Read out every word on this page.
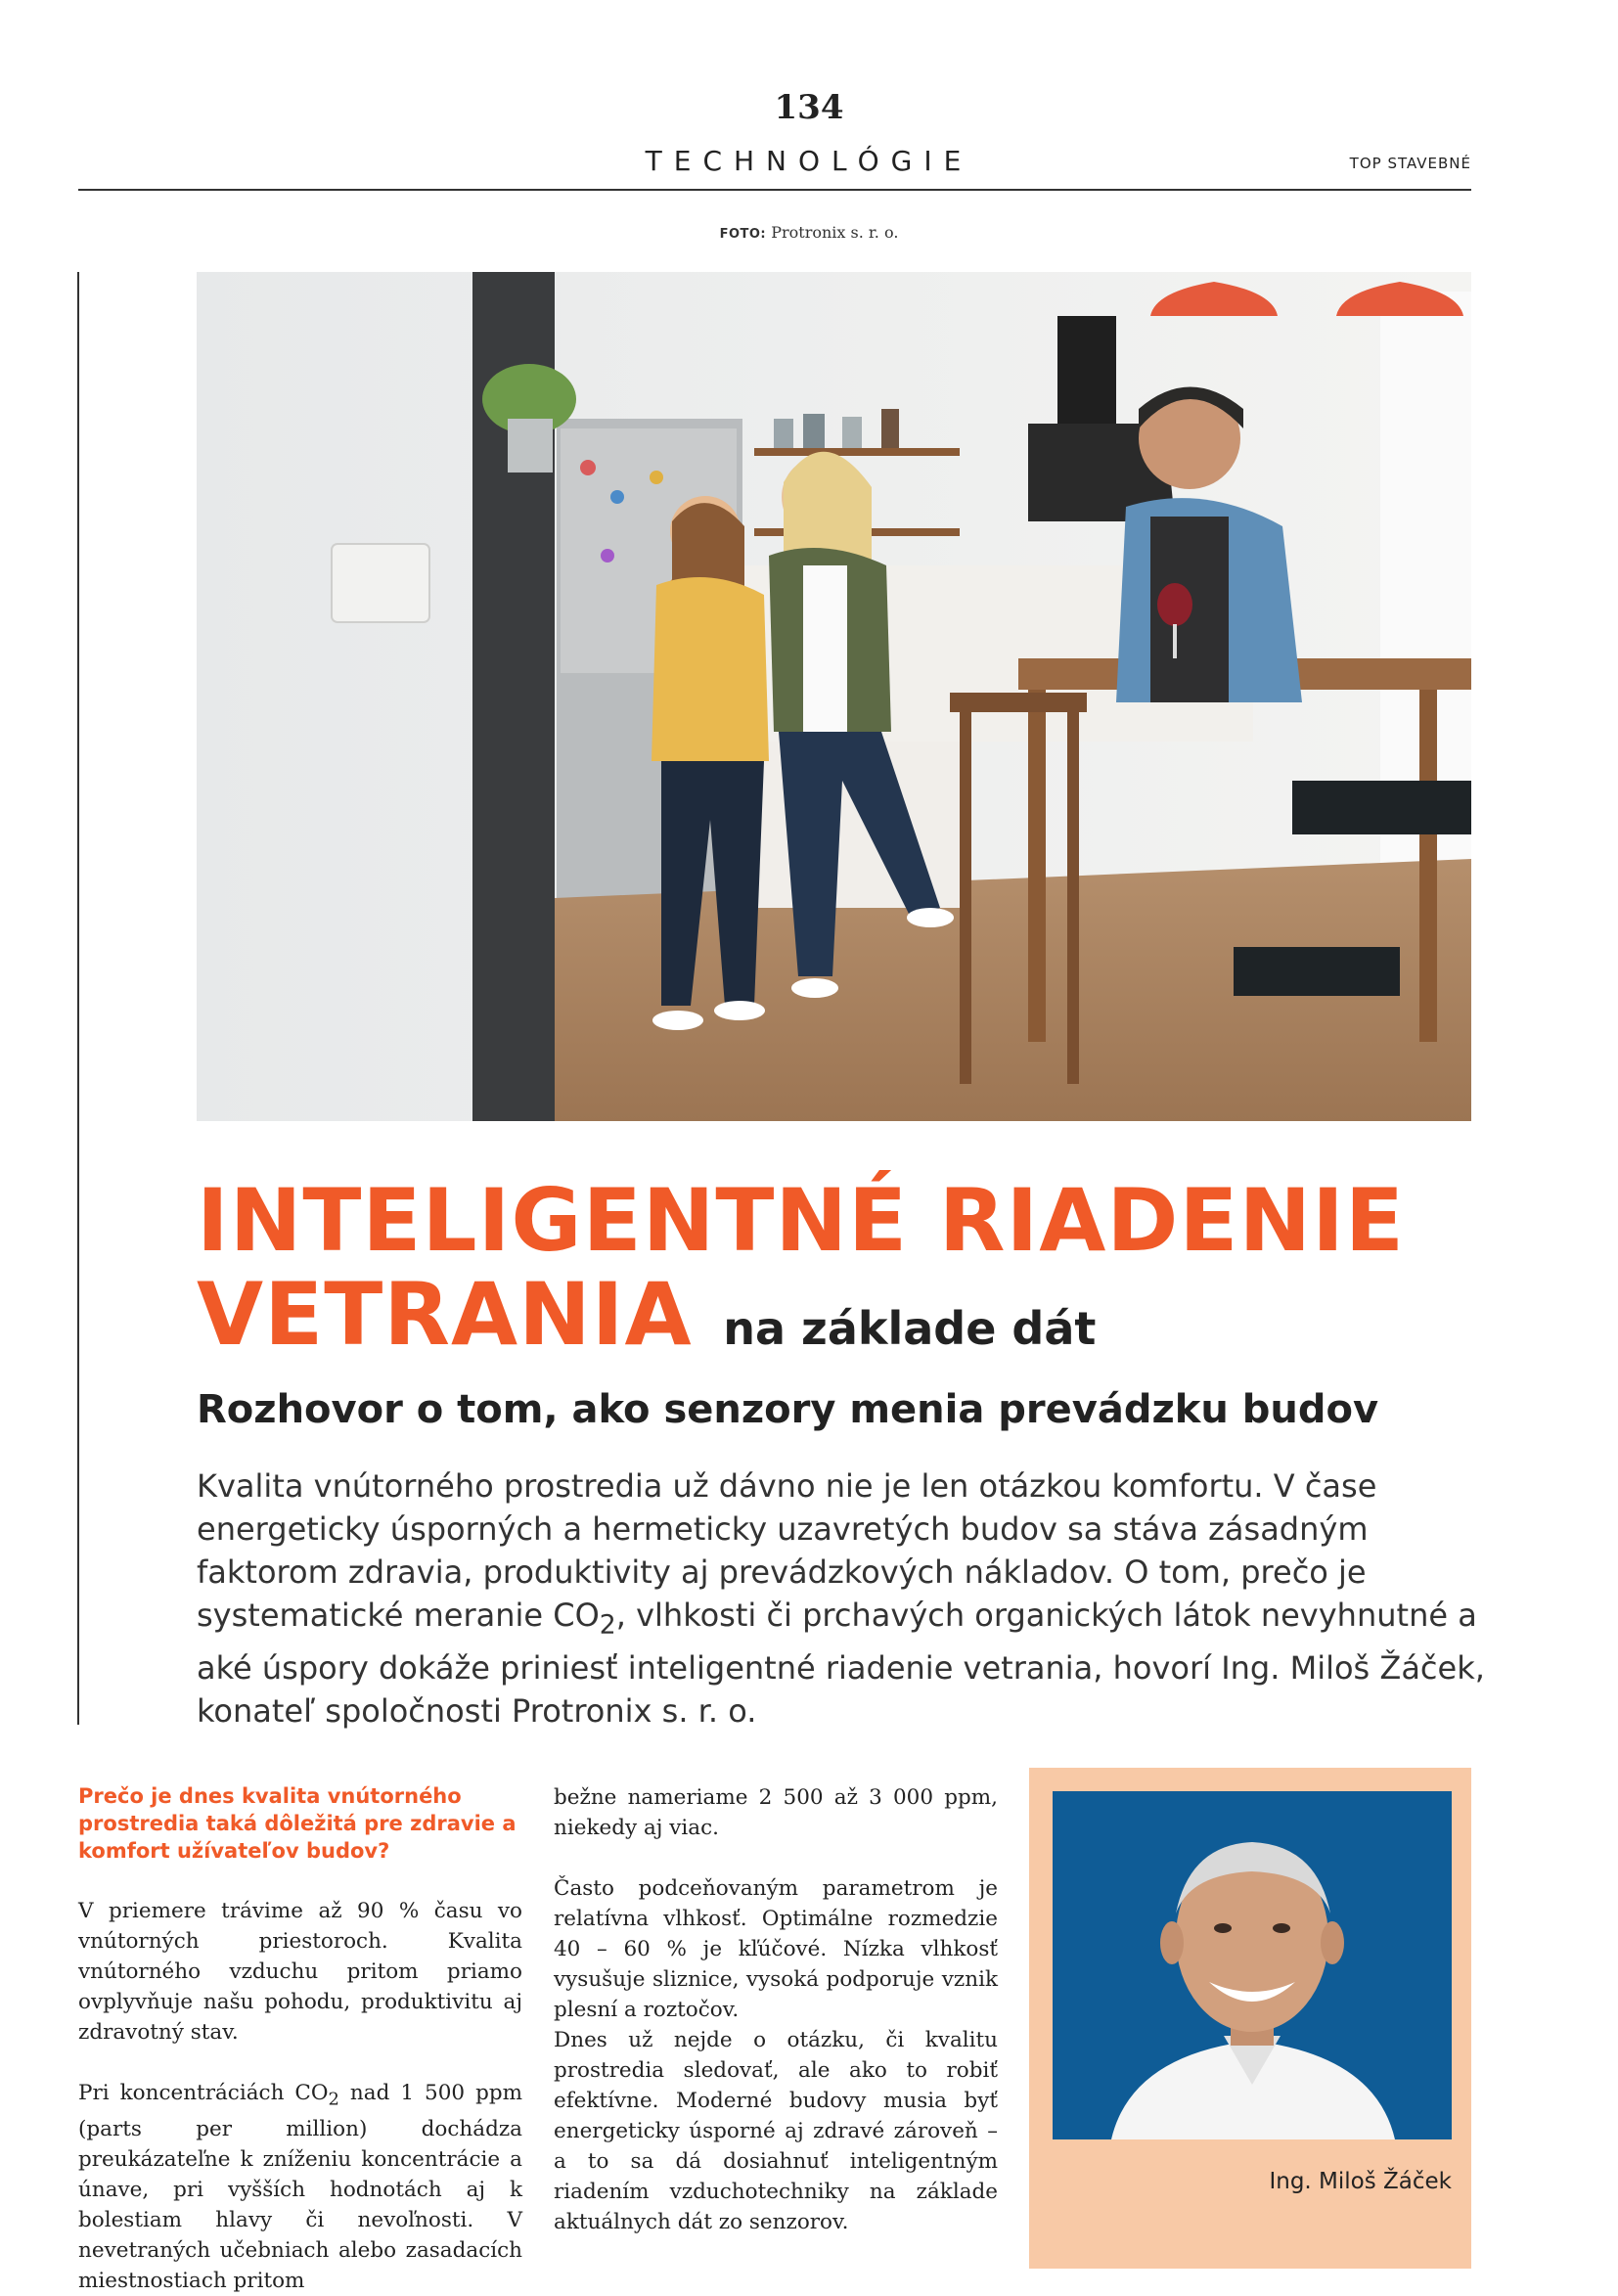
134
TECHNOLÓGIE	TOP STAVEBNÉ
FOTO: Protronix s. r. o.
INTELIGENTNÉ RIADENIE
VETRANIA na základe dát
Rozhovor o tom, ako senzory menia prevádzku budov
Kvalita vnútorného prostredia už dávno nie je len otázkou komfortu. V čase energeticky úsporných a hermeticky uzavretých budov sa stáva zásadným faktorom zdravia, produktivity aj prevádzkových nákladov. O tom, prečo je systematické meranie $CO_2$, vlhkosti či prchavých organických látok nevyhnutné a aké úspory dokáže priniesť inteligentné riadenie vetrania, hovorí Ing. Miloš Žáček, konateľ spoločnosti Protronix s. r. o.

Prečo je dnes kvalita vnútorného prostredia taká dôležitá pre zdravie a komfort užívateľov budov?

V priemere trávime až 90 % času vo vnútorných priestoroch. Kvalita vnútorného vzduchu pritom priamo ovplyvňuje našu pohodu, produktivitu aj zdravotný stav.

Pri koncentráciách $CO_2$ nad 1 500 ppm (parts per million) dochádza preukázateľne k zníženiu koncentrácie a únave, pri vyšších hodnotách aj k bolestiam hlavy či nevoľnosti. V nevetraných učebniach alebo zasadacích miestnostiach pritom

bežne nameriame 2 500 až 3 000 ppm, niekedy aj viac.

Často podceňovaným parametrom je relatívna vlhkosť. Optimálne rozmedzie 40 – 60 % je kľúčové. Nízka vlhkosť vysušuje sliznice, vysoká podporuje vznik plesní a roztočov.

Dnes už nejde o otázku, či kvalitu prostredia sledovať, ale ako to robiť efektívne. Moderné budovy musia byť energeticky úsporné aj zdravé zároveň – a to sa dá dosiahnuť inteligentným riadením vzduchotechniky na základe aktuálnych dát zo senzorov.

Ing. Miloš Žáček
